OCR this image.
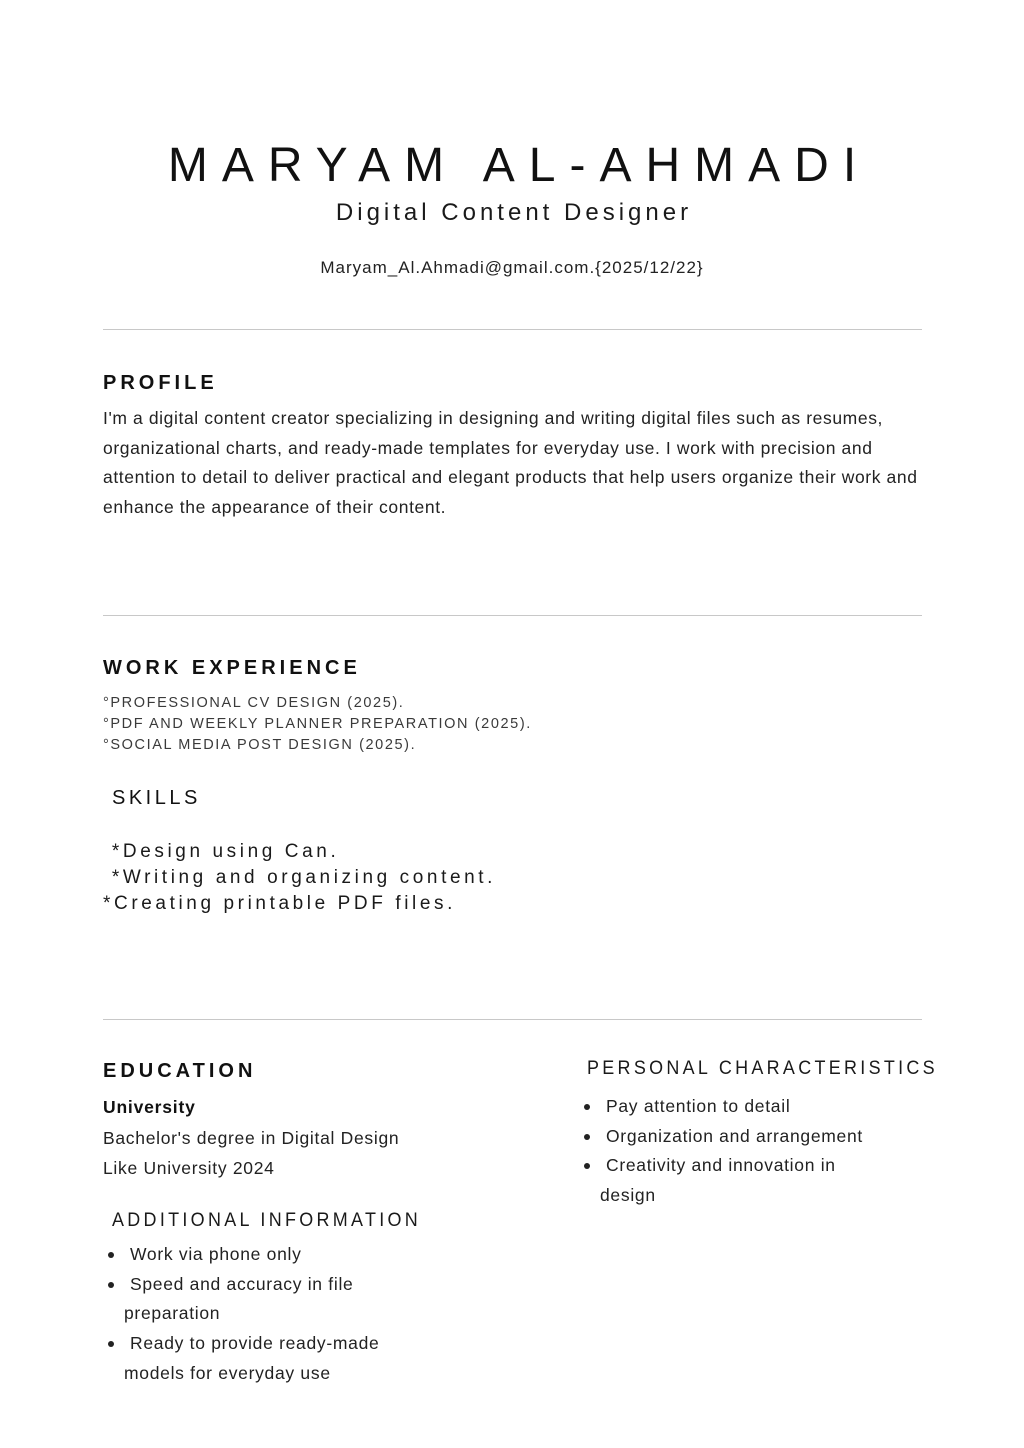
MARYAM AL-AHMADI
Digital Content Designer
Maryam_Al.Ahmadi@gmail.com.{2025/12/22}
PROFILE
I'm a digital content creator specializing in designing and writing digital files such as resumes, organizational charts, and ready-made templates for everyday use. I work with precision and attention to detail to deliver practical and elegant products that help users organize their work and enhance the appearance of their content.
WORK EXPERIENCE
°PROFESSIONAL CV DESIGN (2025).
°PDF AND WEEKLY PLANNER PREPARATION (2025).
°SOCIAL MEDIA POST DESIGN (2025).
SKILLS
*Design using Can.
*Writing and organizing content.
*Creating printable PDF files.
EDUCATION
University
Bachelor's degree in Digital Design
Like University 2024
ADDITIONAL INFORMATION
Work via phone only
Speed and accuracy in file
preparation
Ready to provide ready-made
models for everyday use
PERSONAL CHARACTERISTICS
Pay attention to detail
Organization and arrangement
Creativity and innovation in
design
